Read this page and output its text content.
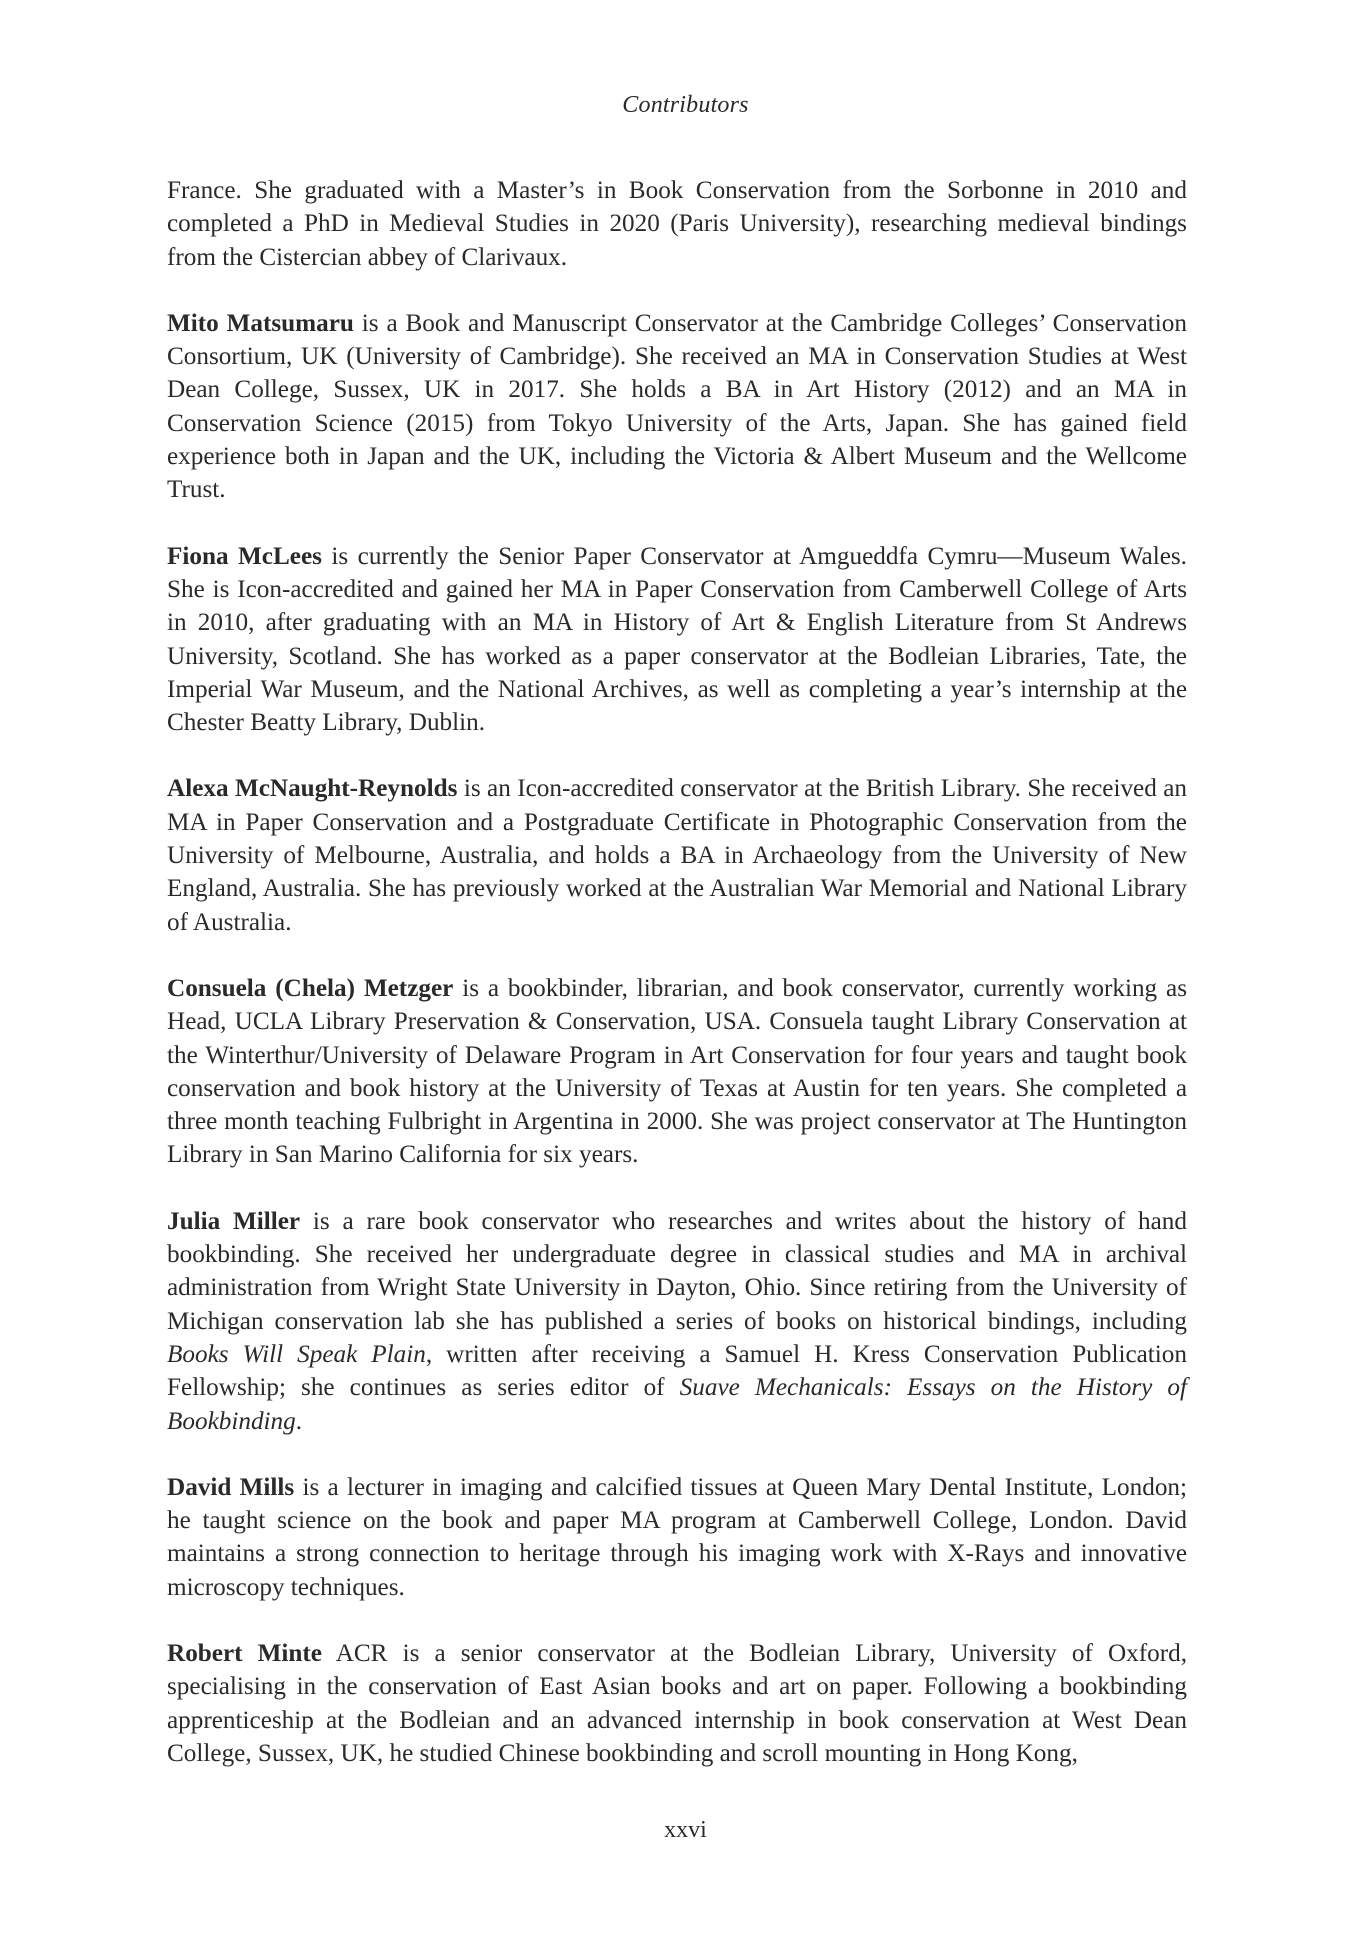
Contributors

France. She graduated with a Master’s in Book Conservation from the Sorbonne in 2010 and completed a PhD in Medieval Studies in 2020 (Paris University), researching medieval bindings from the Cistercian abbey of Clarivaux.

Mito Matsumaru is a Book and Manuscript Conservator at the Cambridge Colleges’ Conservation Consortium, UK (University of Cambridge). She received an MA in Conservation Studies at West Dean College, Sussex, UK in 2017. She holds a BA in Art History (2012) and an MA in Conservation Science (2015) from Tokyo University of the Arts, Japan. She has gained field experience both in Japan and the UK, including the Victoria & Albert Museum and the Wellcome Trust.

Fiona McLees is currently the Senior Paper Conservator at Amgueddfa Cymru—Museum Wales. She is Icon-accredited and gained her MA in Paper Conservation from Camberwell College of Arts in 2010, after graduating with an MA in History of Art & English Literature from St Andrews University, Scotland. She has worked as a paper conservator at the Bodleian Libraries, Tate, the Imperial War Museum, and the National Archives, as well as completing a year’s internship at the Chester Beatty Library, Dublin.

Alexa McNaught-Reynolds is an Icon-accredited conservator at the British Library. She received an MA in Paper Conservation and a Postgraduate Certificate in Photographic Conservation from the University of Melbourne, Australia, and holds a BA in Archaeology from the University of New England, Australia. She has previously worked at the Australian War Memorial and National Library of Australia.

Consuela (Chela) Metzger is a bookbinder, librarian, and book conservator, currently working as Head, UCLA Library Preservation & Conservation, USA. Consuela taught Library Conservation at the Winterthur/University of Delaware Program in Art Conservation for four years and taught book conservation and book history at the University of Texas at Austin for ten years. She completed a three month teaching Fulbright in Argentina in 2000. She was project conservator at The Huntington Library in San Marino California for six years.

Julia Miller is a rare book conservator who researches and writes about the history of hand bookbinding. She received her undergraduate degree in classical studies and MA in archival administration from Wright State University in Dayton, Ohio. Since retiring from the University of Michigan conservation lab she has published a series of books on historical bindings, including Books Will Speak Plain, written after receiving a Samuel H. Kress Conservation Publication Fellowship; she continues as series editor of Suave Mechanicals: Essays on the History of Bookbinding.

David Mills is a lecturer in imaging and calcified tissues at Queen Mary Dental Institute, London; he taught science on the book and paper MA program at Camberwell College, London. David maintains a strong connection to heritage through his imaging work with X-Rays and innovative microscopy techniques.

Robert Minte ACR is a senior conservator at the Bodleian Library, University of Oxford, specialising in the conservation of East Asian books and art on paper. Following a bookbinding apprenticeship at the Bodleian and an advanced internship in book conservation at West Dean College, Sussex, UK, he studied Chinese bookbinding and scroll mounting in Hong Kong,

xxvi
